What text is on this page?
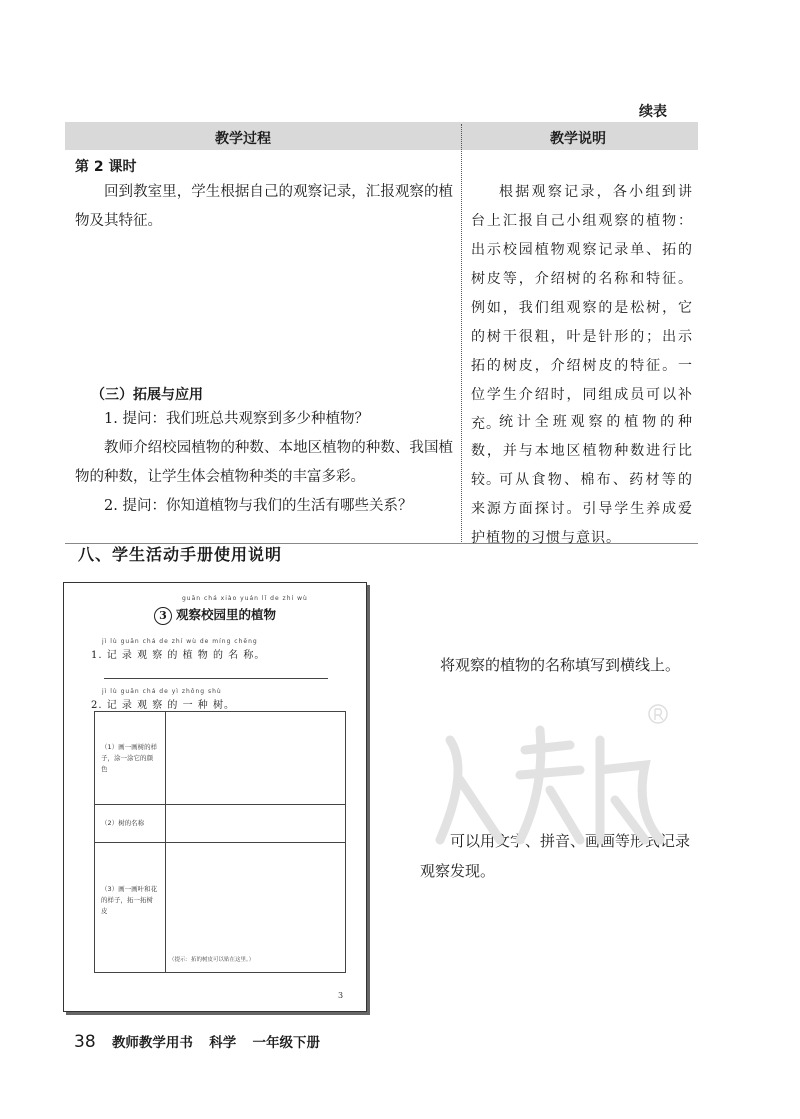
续表
教学过程	教学说明
第 2 课时
回到教室里，学生根据自己的观察记录，汇报观察的植物及其特征。
根据观察记录，各小组到讲台上汇报自己小组观察的植物：出示校园植物观察记录单、拓的树皮等，介绍树的名称和特征。例如，我们组观察的是松树，它的树干很粗，叶是针形的；出示拓的树皮，介绍树皮的特征。一位学生介绍时，同组成员可以补充。
（三）拓展与应用
1. 提问：我们班总共观察到多少种植物？
教师介绍校园植物的种数、本地区植物的种数、我国植物的种数，让学生体会植物种类的丰富多彩。
2. 提问：你知道植物与我们的生活有哪些关系？
统计全班观察的植物的种数，并与本地区植物种数进行比较。
可从食物、棉布、药材等的来源方面探讨。引导学生养成爱护植物的习惯与意识。
八、学生活动手册使用说明
guān chá xiào yuán lǐ de zhí wù
3 观察校园里的植物
jì lù guān chá de zhí wù de míng chēng
1. 记 录 观 察 的 植 物 的 名 称。
jì lù guān chá de yì zhǒng shù
2. 记 录 观 察 的 一 种 树。
（1）画一画树的样子，涂一涂它的颜色
（2）树的名称
（3）画一画叶和花的样子，拓一拓树皮
（提示：拓的树皮可以贴在这里。）
3
将观察的植物的名称填写到横线上。
可以用文字、拼音、画画等形式记录观察发现。
38 教师教学用书 科学 一年级下册
